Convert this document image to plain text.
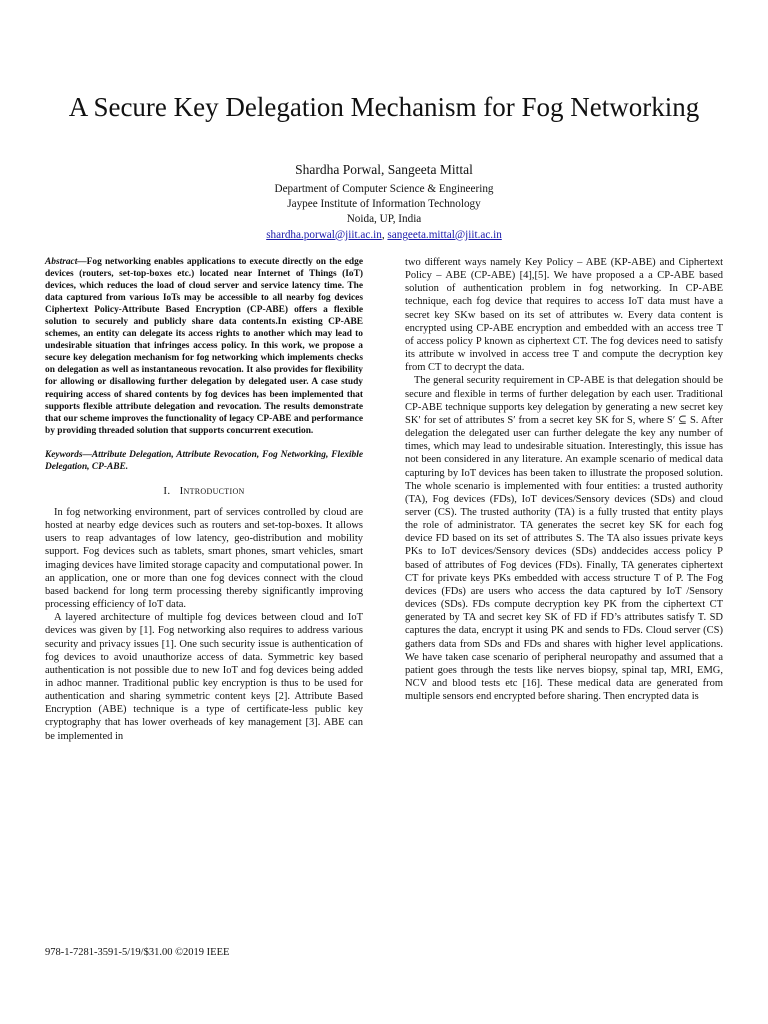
A Secure Key Delegation Mechanism for Fog Networking
Shardha Porwal, Sangeeta Mittal
Department of Computer Science & Engineering
Jaypee Institute of Information Technology
Noida, UP, India
shardha.porwal@jiit.ac.in, sangeeta.mittal@jiit.ac.in

Abstract—Fog networking enables applications to execute directly on the edge devices (routers, set-top-boxes etc.) located near Internet of Things (IoT) devices, which reduces the load of cloud server and service latency time. The data captured from various IoTs may be accessible to all nearby fog devices Ciphertext Policy-Attribute Based Encryption (CP-ABE) offers a flexible solution to securely and publicly share data contents.In existing CP-ABE schemes, an entity can delegate its access rights to another which may lead to undesirable situation that infringes access policy. In this work, we propose a secure key delegation mechanism for fog networking which implements checks on delegation as well as instantaneous revocation. It also provides for flexibility for allowing or disallowing further delegation by delegated user. A case study requiring access of shared contents by fog devices has been implemented that supports flexible attribute delegation and revocation. The results demonstrate that our scheme improves the functionality of legacy CP-ABE and performance by providing threaded solution that supports concurrent execution.

Keywords—Attribute Delegation, Attribute Revocation, Fog Networking, Flexible Delegation, CP-ABE.

I. Introduction

In fog networking environment, part of services controlled by cloud are hosted at nearby edge devices such as routers and set-top-boxes. It allows users to reap advantages of low latency, geo-distribution and mobility support. Fog devices such as tablets, smart phones, smart vehicles, smart imaging devices have limited storage capacity and computational power. In an application, one or more than one fog devices connect with the cloud based backend for long term processing thereby significantly improving processing efficiency of IoT data.

A layered architecture of multiple fog devices between cloud and IoT devices was given by [1]. Fog networking also requires to address various security and privacy issues [1]. One such security issue is authentication of fog devices to avoid unauthorize access of data. Symmetric key based authentication is not possible due to new IoT and fog devices being added in adhoc manner. Traditional public key encryption is thus to be used for authentication and sharing symmetric content keys [2]. Attribute Based Encryption (ABE) technique is a type of certificate-less public key cryptography that has lower overheads of key management [3]. ABE can be implemented in

two different ways namely Key Policy – ABE (KP-ABE) and Ciphertext Policy – ABE (CP-ABE) [4],[5]. We have proposed a a CP-ABE based solution of authentication problem in fog networking. In CP-ABE technique, each fog device that requires to access IoT data must have a secret key SKw based on its set of attributes w. Every data content is encrypted using CP-ABE encryption and embedded with an access tree T of access policy P known as ciphertext CT. The fog devices need to satisfy its attribute w involved in access tree T and compute the decryption key from CT to decrypt the data.

The general security requirement in CP-ABE is that delegation should be secure and flexible in terms of further delegation by each user. Traditional CP-ABE technique supports key delegation by generating a new secret key SK′ for set of attributes S′ from a secret key SK for S, where S′ ⊆ S. After delegation the delegated user can further delegate the key any number of times, which may lead to undesirable situation. Interestingly, this issue has not been considered in any literature. An example scenario of medical data capturing by IoT devices has been taken to illustrate the proposed solution. The whole scenario is implemented with four entities: a trusted authority (TA), Fog devices (FDs), IoT devices/Sensory devices (SDs) and cloud server (CS). The trusted authority (TA) is a fully trusted that entity plays the role of administrator. TA generates the secret key SK for each fog device FD based on its set of attributes S. The TA also issues private keys PKs to IoT devices/Sensory devices (SDs) anddecides access policy P based of attributes of Fog devices (FDs). Finally, TA generates ciphertext CT for private keys PKs embedded with access structure T of P. The Fog devices (FDs) are users who access the data captured by IoT /Sensory devices (SDs). FDs compute decryption key PK from the ciphertext CT generated by TA and secret key SK of FD if FD’s attributes satisfy T. SD captures the data, encrypt it using PK and sends to FDs. Cloud server (CS) gathers data from SDs and FDs and shares with higher level applications. We have taken case scenario of peripheral neuropathy and assumed that a patient goes through the tests like nerves biopsy, spinal tap, MRI, EMG, NCV and blood tests etc [16]. These medical data are generated from multiple sensors end encrypted before sharing. Then encrypted data is

978-1-7281-3591-5/19/$31.00 ©2019 IEEE
